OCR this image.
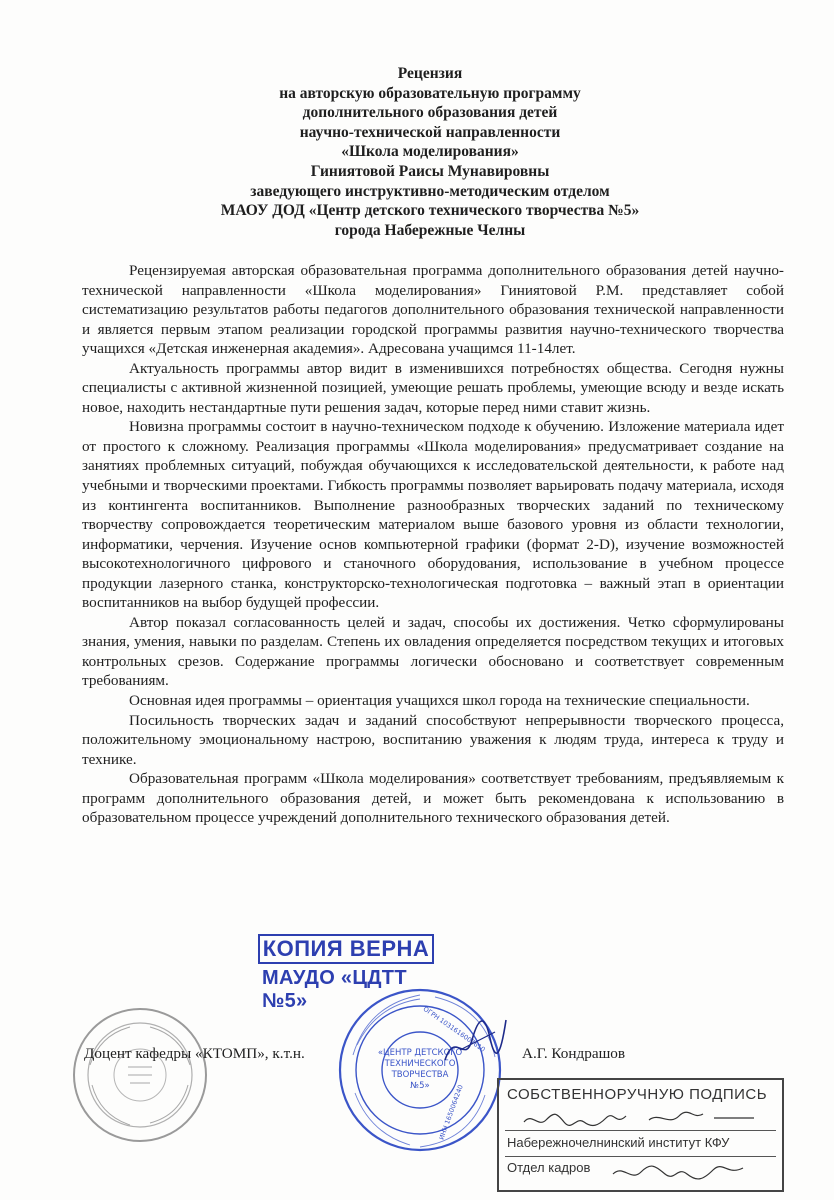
Рецензия
на авторскую образовательную программу
дополнительного образования детей
научно-технической направленности
«Школа моделирования»
Гиниятовой Раисы Мунавировны
заведующего инструктивно-методическим отделом
МАОУ ДОД «Центр детского технического творчества №5»
города Набережные Челны

Рецензируемая авторская образовательная программа дополнительного образования детей научно-технической направленности «Школа моделирования» Гиниятовой Р.М. представляет собой систематизацию результатов работы педагогов дополнительного образования технической направленности и является первым этапом реализации городской программы развития научно-технического творчества учащихся «Детская инженерная академия». Адресована учащимся 11-14лет.

Актуальность программы автор видит в изменившихся потребностях общества. Сегодня нужны специалисты с активной жизненной позицией, умеющие решать проблемы, умеющие всюду и везде искать новое, находить нестандартные пути решения задач, которые перед ними ставит жизнь.

Новизна программы состоит в научно-техническом подходе к обучению. Изложение материала идет от простого к сложному. Реализация программы «Школа моделирования» предусматривает создание на занятиях проблемных ситуаций, побуждая обучающихся к исследовательской деятельности, к работе над учебными и творческими проектами. Гибкость программы позволяет варьировать подачу материала, исходя из контингента воспитанников. Выполнение разнообразных творческих заданий по техническому творчеству сопровождается теоретическим материалом выше базового уровня из области технологии, информатики, черчения. Изучение основ компьютерной графики (формат 2-D), изучение возможностей высокотехнологичного цифрового и станочного оборудования, использование в учебном процессе продукции лазерного станка, конструкторско-технологическая подготовка – важный этап в ориентации воспитанников на выбор будущей профессии.

Автор показал согласованность целей и задач, способы их достижения. Четко сформулированы знания, умения, навыки по разделам. Степень их овладения определяется посредством текущих и итоговых контрольных срезов. Содержание программы логически обосновано и соответствует современным требованиям.

Основная идея программы – ориентация учащихся школ города на технические специальности.

Посильность творческих задач и заданий способствуют непрерывности творческого процесса, положительному эмоциональному настрою, воспитанию уважения к людям труда, интереса к труду и технике.

Образовательная программ «Школа моделирования» соответствует требованиям, предъявляемым к программ дополнительного образования детей, и может быть рекомендована к использованию в образовательном процессе учреждений дополнительного технического образования детей.

КОПИЯ ВЕРНА
МАУДО «ЦДТТ №5»
«ЦЕНТР ДЕТСКОГО
ТЕХНИЧЕСКОГО
ТВОРЧЕСТВА
№5»
ОГРН 1031616007610
ИНН 1650064240
Доцент кафедры «КТОМП», к.т.н.	А.Г. Кондрашов
СОБСТВЕННОРУЧНУЮ ПОДПИСЬ
Набережночелнинский институт КФУ
Отдел кадров
